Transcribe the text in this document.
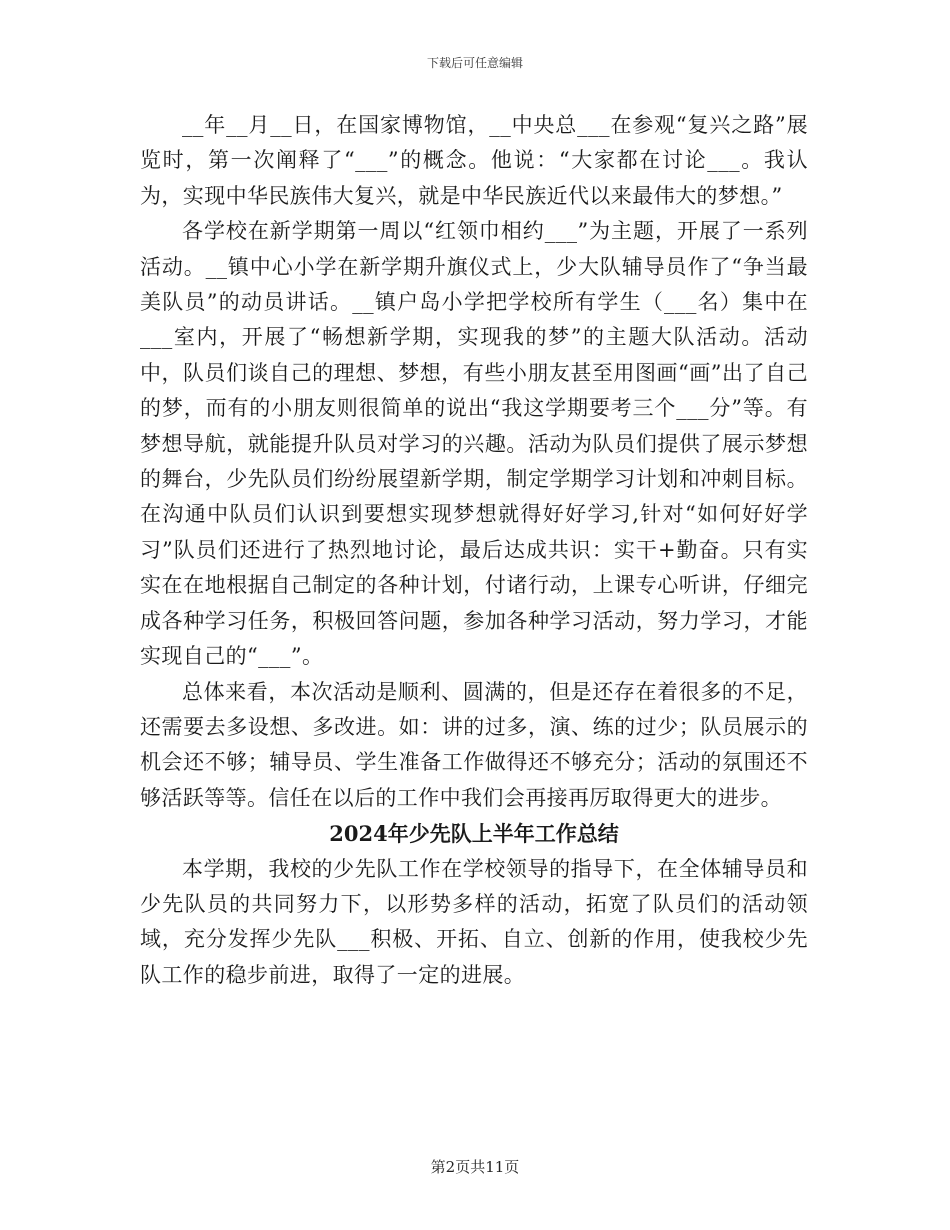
下载后可任意编辑

__年__月__日，在国家博物馆，__中央总___在参观“复兴之路”展览时，第一次阐释了“___”的概念。他说：“大家都在讨论___。我认为，实现中华民族伟大复兴，就是中华民族近代以来最伟大的梦想。”

各学校在新学期第一周以“红领巾相约___”为主题，开展了一系列活动。__镇中心小学在新学期升旗仪式上，少大队辅导员作了“争当最美队员”的动员讲话。__镇户岛小学把学校所有学生（___名）集中在___室内，开展了“畅想新学期，实现我的梦”的主题大队活动。活动中，队员们谈自己的理想、梦想，有些小朋友甚至用图画“画”出了自己的梦，而有的小朋友则很简单的说出“我这学期要考三个___分”等。有梦想导航，就能提升队员对学习的兴趣。活动为队员们提供了展示梦想的舞台，少先队员们纷纷展望新学期，制定学期学习计划和冲刺目标。在沟通中队员们认识到要想实现梦想就得好好学习,针对“如何好好学习”队员们还进行了热烈地讨论，最后达成共识：实干+勤奋。只有实实在在地根据自己制定的各种计划，付诸行动，上课专心听讲，仔细完成各种学习任务，积极回答问题，参加各种学习活动，努力学习，才能实现自己的“___”。

总体来看，本次活动是顺利、圆满的，但是还存在着很多的不足，还需要去多设想、多改进。如：讲的过多，演、练的过少；队员展示的机会还不够；辅导员、学生准备工作做得还不够充分；活动的氛围还不够活跃等等。信任在以后的工作中我们会再接再厉取得更大的进步。

2024年少先队上半年工作总结

本学期，我校的少先队工作在学校领导的指导下，在全体辅导员和少先队员的共同努力下，以形势多样的活动，拓宽了队员们的活动领域，充分发挥少先队___积极、开拓、自立、创新的作用，使我校少先队工作的稳步前进，取得了一定的进展。

第2页共11页
